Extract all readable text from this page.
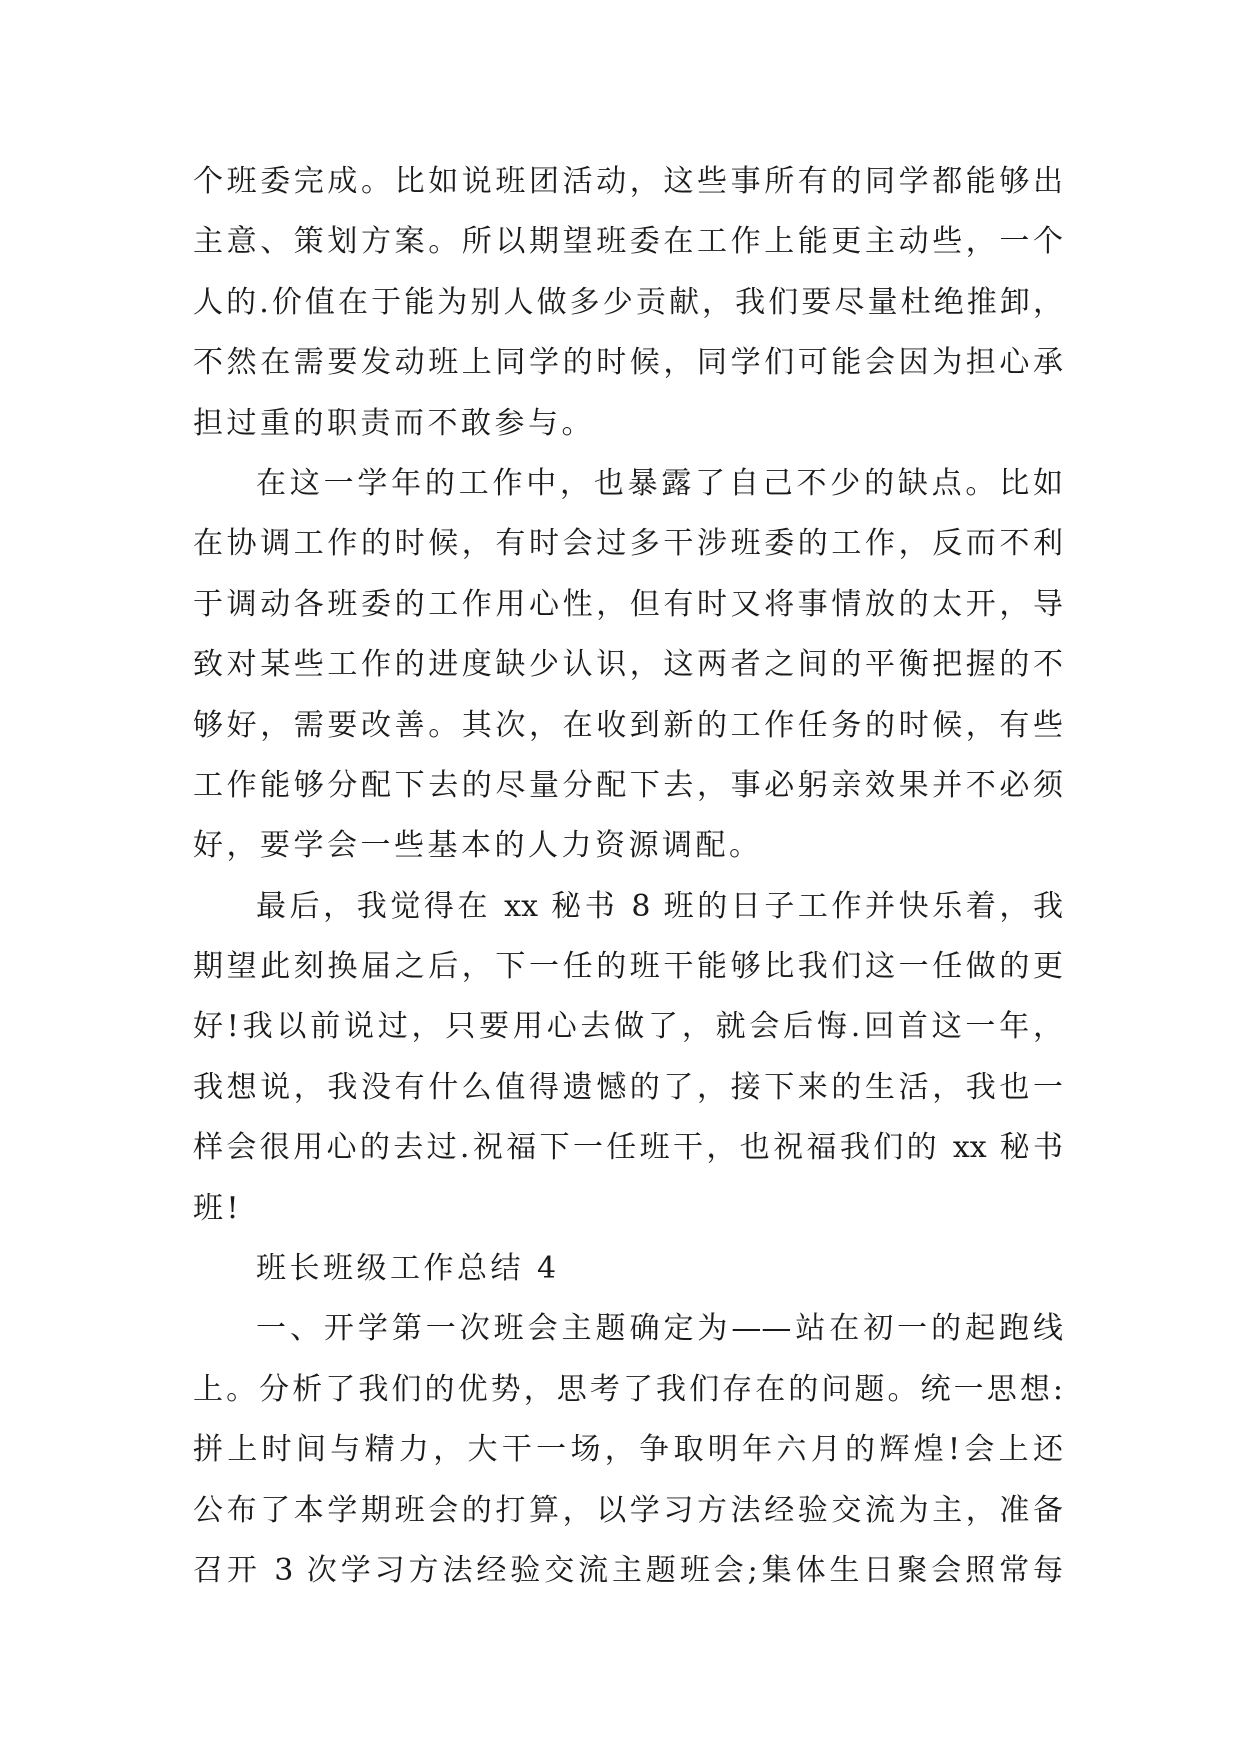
个班委完成。比如说班团活动，这些事所有的同学都能够出
主意、策划方案。所以期望班委在工作上能更主动些，一个
人的.价值在于能为别人做多少贡献，我们要尽量杜绝推卸，
不然在需要发动班上同学的时候，同学们可能会因为担心承
担过重的职责而不敢参与。
在这一学年的工作中，也暴露了自己不少的缺点。比如
在协调工作的时候，有时会过多干涉班委的工作，反而不利
于调动各班委的工作用心性，但有时又将事情放的太开，导
致对某些工作的进度缺少认识，这两者之间的平衡把握的不
够好，需要改善。其次，在收到新的工作任务的时候，有些
工作能够分配下去的尽量分配下去，事必躬亲效果并不必须
好，要学会一些基本的人力资源调配。
最后，我觉得在 xx 秘书 8 班的日子工作并快乐着，我
期望此刻换届之后，下一任的班干能够比我们这一任做的更
好!我以前说过，只要用心去做了，就会后悔.回首这一年，
我想说，我没有什么值得遗憾的了，接下来的生活，我也一
样会很用心的去过.祝福下一任班干，也祝福我们的 xx 秘书
班!
班长班级工作总结 4
一、开学第一次班会主题确定为——站在初一的起跑线
上。分析了我们的优势，思考了我们存在的问题。统一思想:
拼上时间与精力，大干一场，争取明年六月的辉煌!会上还
公布了本学期班会的打算，以学习方法经验交流为主，准备
召开 3 次学习方法经验交流主题班会;集体生日聚会照常每
